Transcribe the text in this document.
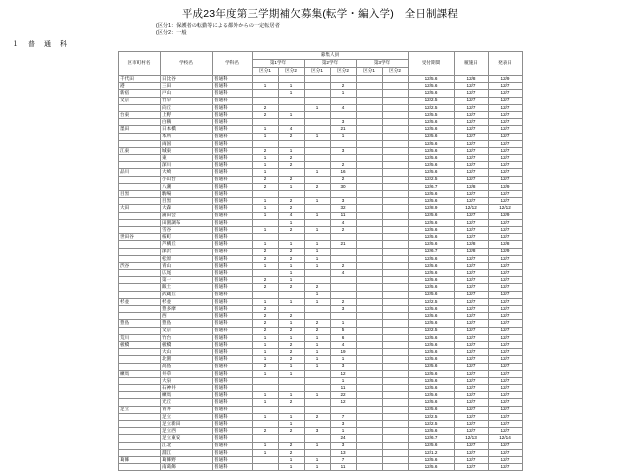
平成23年度第三学期補欠募集(転学・編入学)　全日制課程
(区分1：保護者の転勤等による都外からの一定転居者
(区分2：一般
１　普　通　科
区市町村名	学校名	学科名	募集人員						受付期間	履施日	発表日
			第1学年		第2学年		第3学年				
			区分1	区分2	区分1	区分2	区分1	区分2			
千代田	日比谷	普通科							12/5.6	12/8	12/9
港	三田	普通科	1	1		2			12/5.6	12/7	12/7
新宿	戸山	普通科		1		1			12/5.6	12/7	12/7
文京	竹早	普通科							12/2.5	12/7	12/7
	向丘	普通科	2		1	4			12/2.5	12/7	12/7
台東	上野	普通科	2	1					12/5.5	12/7	12/7
	白鷗	普通科				3			12/5.6	12/7	12/7
墨田	日本橋	普通科	1	4		21			12/5.6	12/7	12/7
	本所	普通科	1	2	1	1			12/5.6	12/7	12/7
	両国	普通科							12/5.6	12/7	12/7
江東	城東	普通科	2	1		3			12/5.6	12/7	12/7
	東	普通科	1	2					12/5.6	12/7	12/7
	深川	普通科	1	2		2			12/5.6	12/7	12/7
品川	大崎	普通科	1		1	16			12/5.6	12/7	12/7
	小山台	普通科	2	2		2			12/2.5	12/7	12/7
	八潮	普通科	2	1	2	30			12/6.7	12/8	12/9
目黒	駒場	普通科							12/5.6	12/7	12/7
	目黒	普通科	1	2	1	3			12/5.6	12/7	12/7
大田	大森	普通科	1	2		32			12/8.9	12/12	12/12
	蒲田会	普通科	1	4	1	11			12/5.6	12/7	12/9
	田園調布	普通科		1		4			12/5.6	12/7	12/7
	雪谷	普通科	1	2	1	2			12/5.6	12/7	12/7
世田谷	桜町	普通科							12/5.6	12/7	12/7
	芦構丘	普通科	1	1	1	21			12/5.6	12/8	12/8
	深沢	普通科	2	2	1				12/6.7	12/8	12/9
	松原	普通科	2	2	1				12/5.6	12/7	12/7
渋谷	青山	普通科	1	1	1	2			12/5.6	12/7	12/7
	広尾	普通科		1		4			12/5.6	12/7	12/7
	第一	普通科	2	1					12/5.6	12/7	12/7
	飯土	普通科	2	2	2				12/5.6	12/7	12/7
	武蔵丘	普通科			1				12/5.6	12/7	12/7
杉並	杉並	普通科	1	1	1	2			12/2.5	12/7	12/7
	豊多摩	普通科	2			3			12/5.6	12/7	12/7
	西	普通科	2	2					12/5.6	12/7	12/7
豊島	豊島	普通科	2	1	2	1			12/5.6	12/7	12/7
	文京	普通科	2	2	2	5			12/2.5	12/7	12/7
荒川	竹台	普通科	1	1	1	6			12/5.6	12/7	12/7
板橋	板橋	普通科	1	2	1	4			12/5.6	12/7	12/7
	大山	普通科	1	2	1	19			12/5.6	12/7	12/7
	北園	普通科	1	2	1	1			12/5.6	12/7	12/7
	高島	普通科	2	1	1	3			12/5.6	12/7	12/7
練馬	井草	普通科	1	1		12			12/5.6	12/7	12/7
	大泉	普通科				1			12/5.6	12/7	12/7
	石神井	普通科				11			12/5.6	12/7	12/7
	練馬	普通科	1	1	1	22			12/5.6	12/7	12/7
	光丘	普通科	1	2		12			12/5.6	12/7	12/7
足立	青井	普通科							12/5.6	12/7	12/7
	足立	普通科	1	1	2	7			12/2.5	12/7	12/7
	足立新田	普通科		1		3			12/2.5	12/7	12/7
	足立西	普通科	2	2	3	1			12/5.6	12/7	12/7
	足立東安	普通科				24			12/6.7	12/13	12/14
	江北	普通科	1	2	1	3			12/5.6	12/7	12/7
	淵江	普通科	1	2		13			12/1.2	12/7	12/7
葛飾	葛飾野	普通科		1	1	7			12/5.6	12/7	12/7
	南葛飾	普通科		1	1	11			12/5.6	12/7	12/7
